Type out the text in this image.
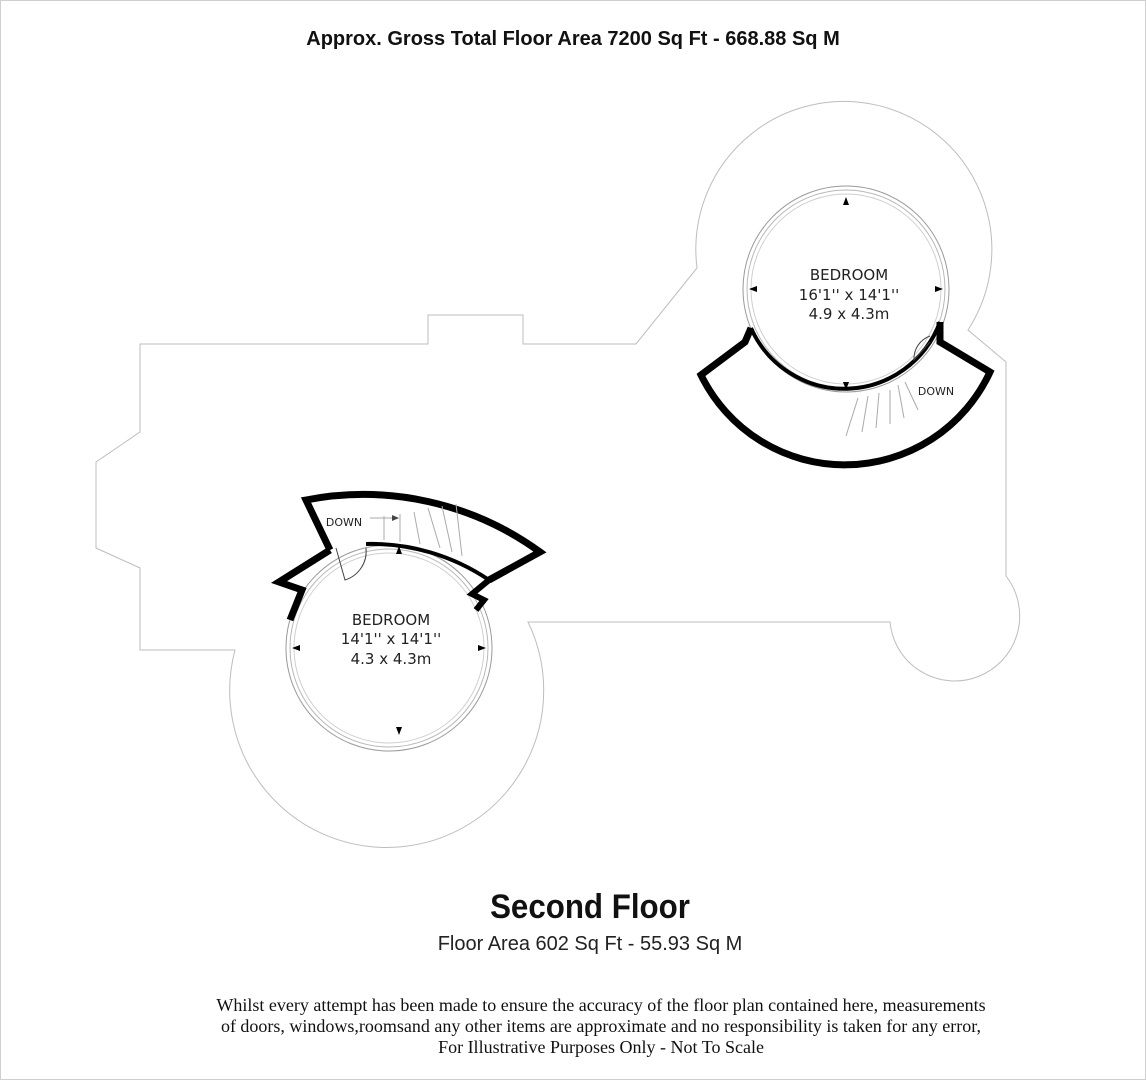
Approx. Gross Total Floor Area 7200 Sq Ft - 668.88 Sq M
BEDROOM
16'1'' x 14'1''
4.9 x 4.3m
DOWN
BEDROOM
14'1'' x 14'1''
4.3 x 4.3m
DOWN
Second Floor
Floor Area 602 Sq Ft - 55.93 Sq M
Whilst every attempt has been made to ensure the accuracy of the floor plan contained here, measurements
of doors, windows,roomsand any other items are approximate and no responsibility is taken for any error,
For Illustrative Purposes Only - Not To Scale
